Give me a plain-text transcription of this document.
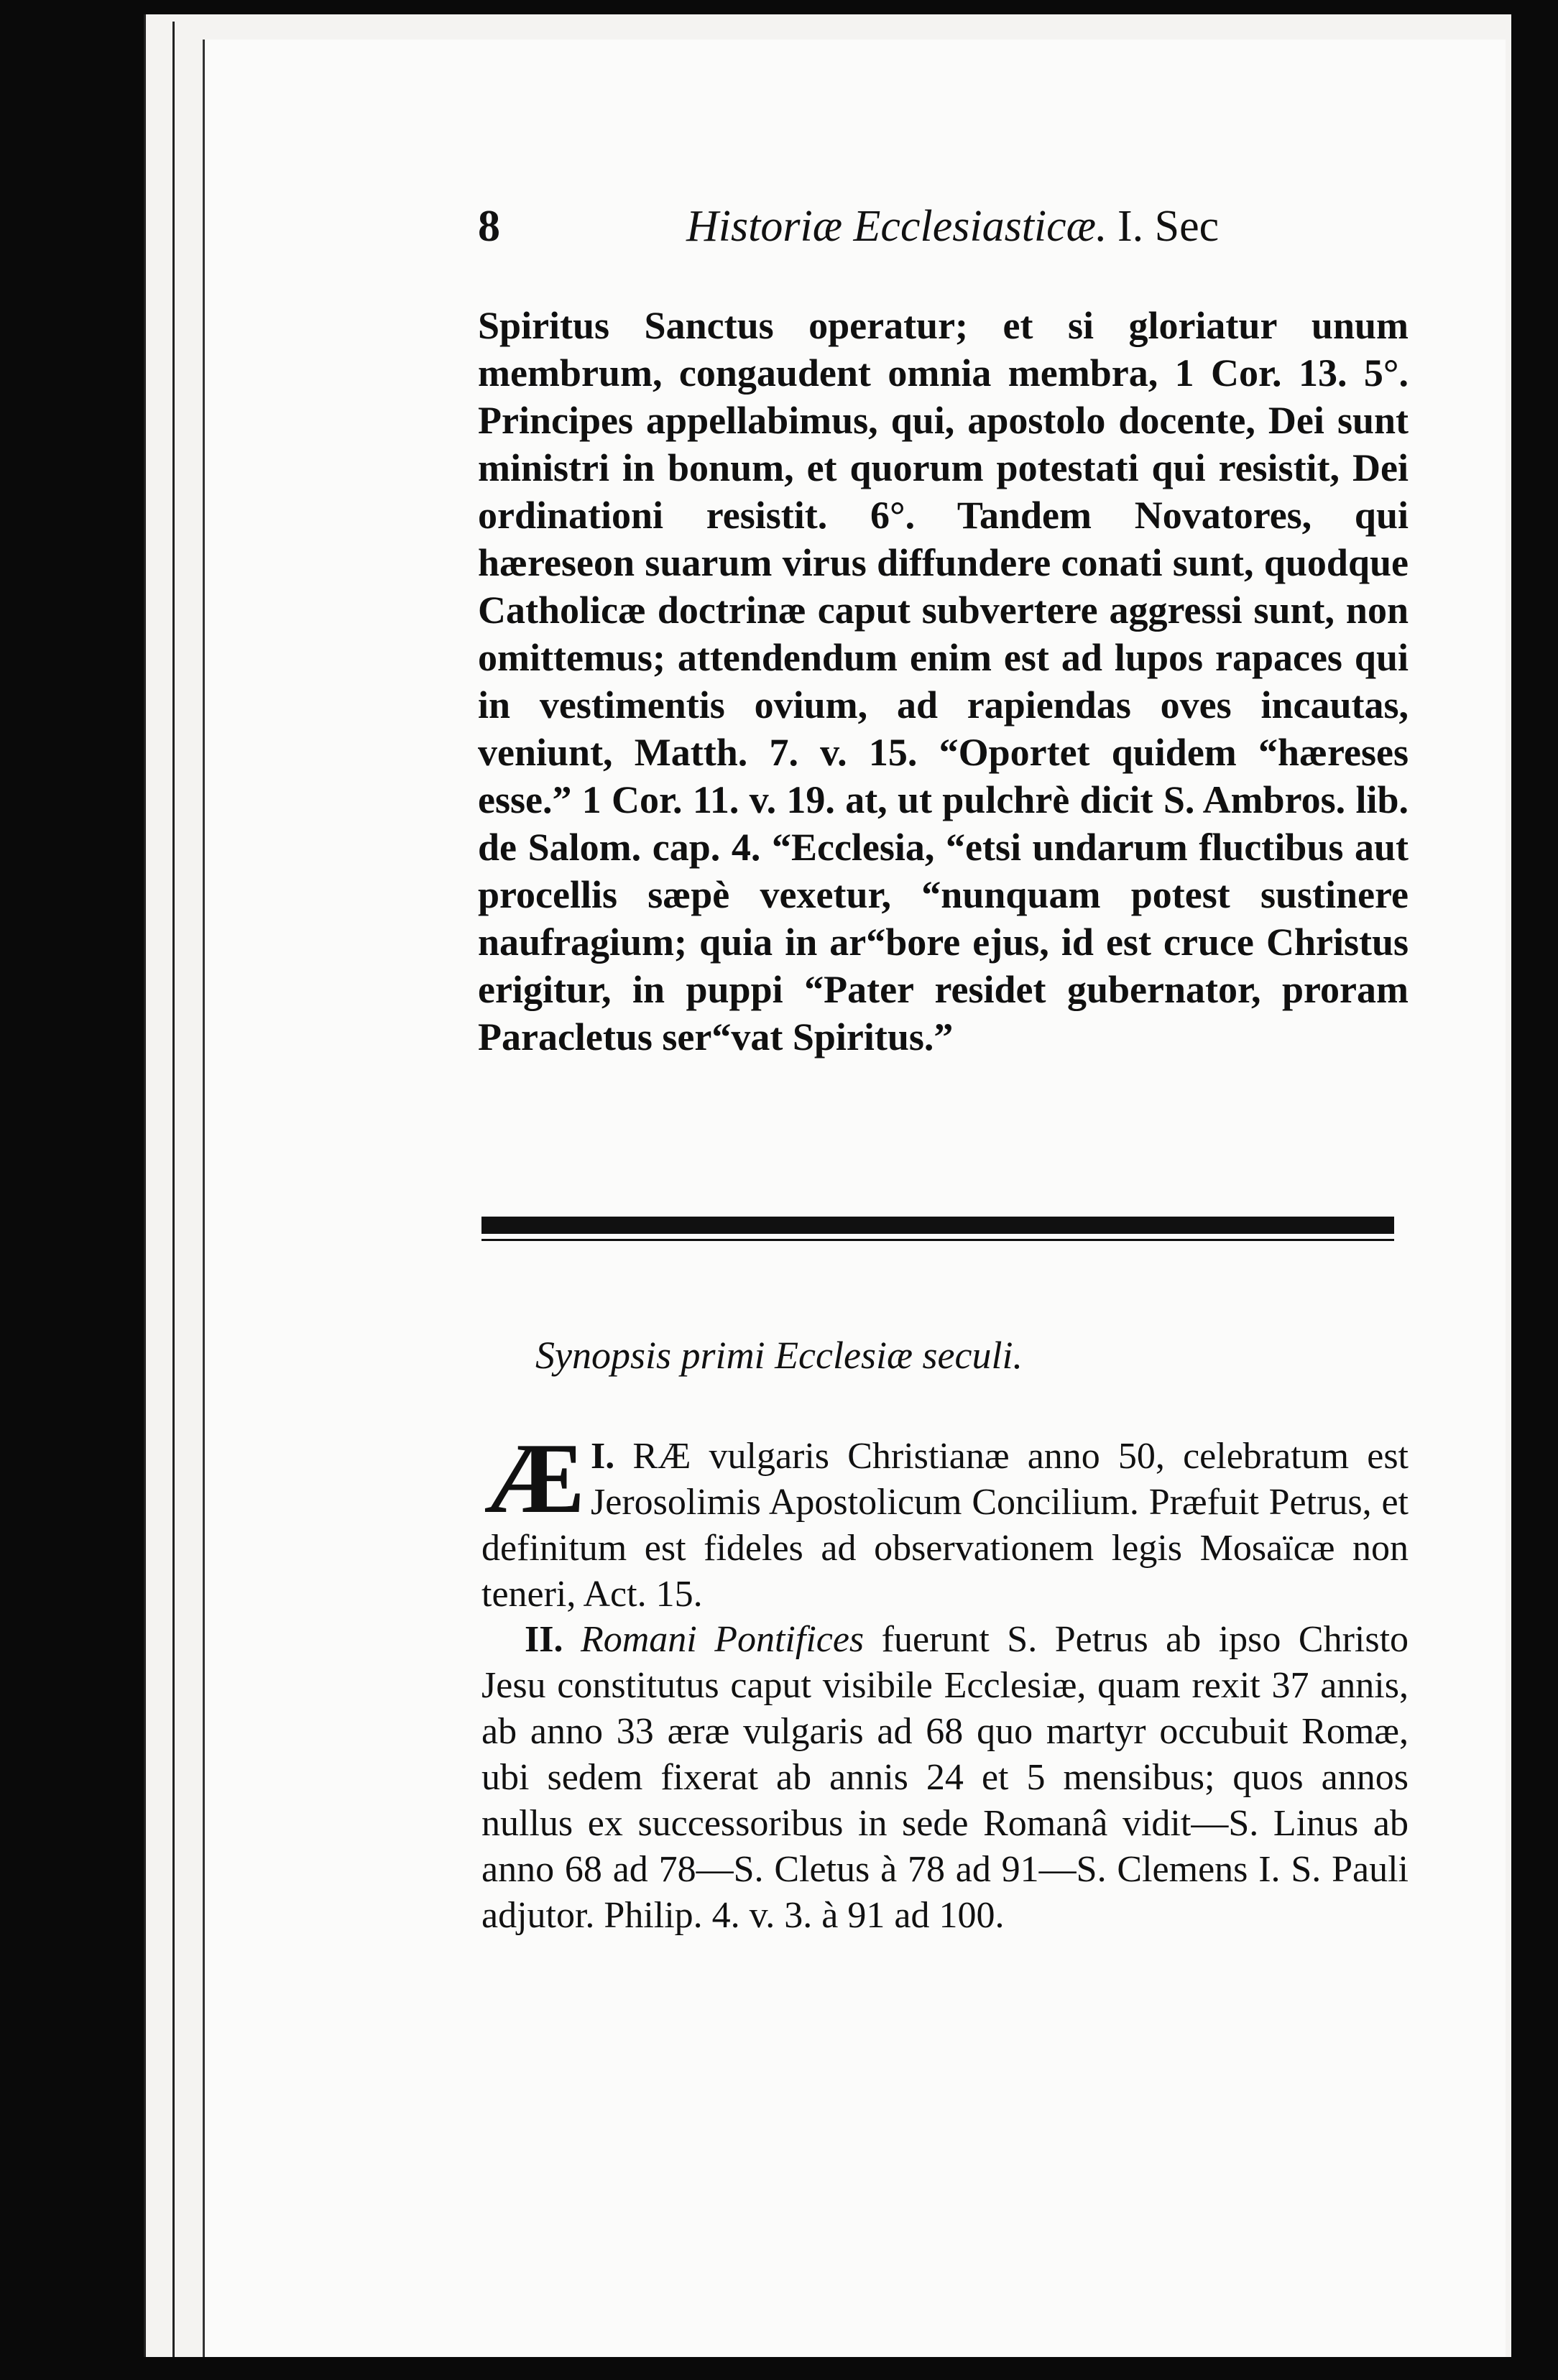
8	Historiæ Ecclesiasticæ. I. Sec

Spiritus Sanctus operatur; et si gloriatur unum membrum, congaudent omnia membra, 1 Cor. 13. 5°. Principes appellabimus, qui, apostolo docente, Dei sunt ministri in bonum, et quorum potestati qui resistit, Dei ordinationi resistit. 6°. Tandem Novatores, qui hæreseon suarum virus diffundere conati sunt, quodque Catholicæ doctrinæ caput subvertere aggressi sunt, non omittemus; attendendum enim est ad lupos rapaces qui in vestimentis ovium, ad rapiendas oves incautas, veniunt, Matth. 7. v. 15. “Oportet quidem “hæreses esse.” 1 Cor. 11. v. 19. at, ut pulchrè dicit S. Ambros. lib. de Salom. cap. 4. “Ecclesia, “etsi undarum fluctibus aut procellis sæpè vexetur, “nunquam potest sustinere naufragium; quia in ar“bore ejus, id est cruce Christus erigitur, in puppi “Pater residet gubernator, proram Paracletus ser“vat Spiritus.”

Synopsis primi Ecclesiæ seculi.

I.
Æ RÆ vulgaris Christianæ anno 50, celebratum est Jerosolimis Apostolicum Concilium. Præfuit Petrus, et definitum est fideles ad observationem legis Mosaïcæ non teneri, Act. 15.

II. Romani Pontifices fuerunt S. Petrus ab ipso Christo Jesu constitutus caput visibile Ecclesiæ, quam rexit 37 annis, ab anno 33 æræ vulgaris ad 68 quo martyr occubuit Romæ, ubi sedem fixerat ab annis 24 et 5 mensibus; quos annos nullus ex successoribus in sede Romanâ vidit—S. Linus ab anno 68 ad 78—S. Cletus à 78 ad 91—S. Clemens I. S. Pauli adjutor. Philip. 4. v. 3. à 91 ad 100.
